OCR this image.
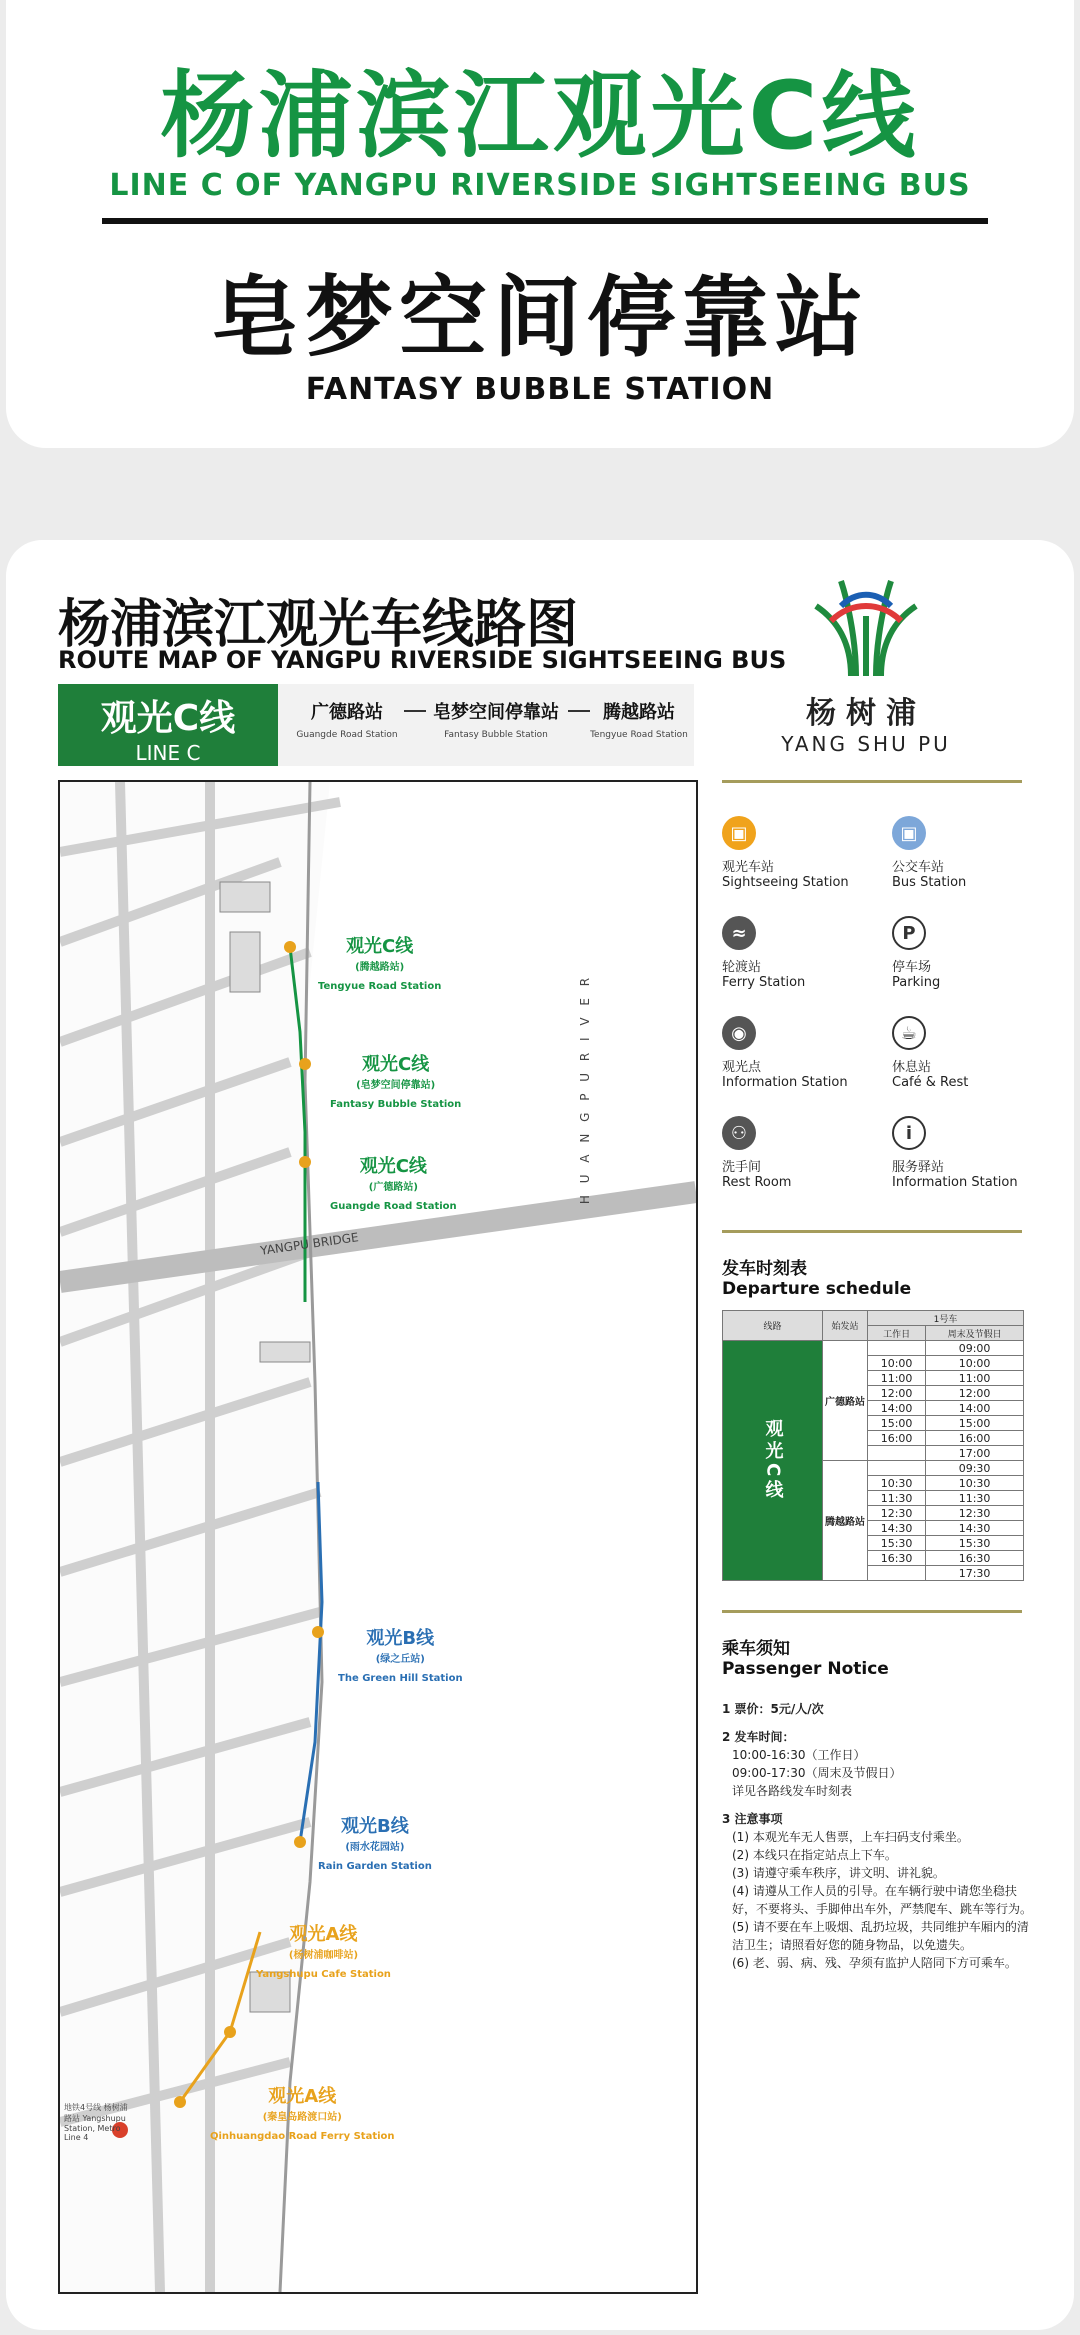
杨浦滨江观光C线
LINE C OF YANGPU RIVERSIDE SIGHTSEEING BUS
皂梦空间停靠站
FANTASY BUBBLE STATION
杨浦滨江观光车线路图
ROUTE MAP OF YANGPU RIVERSIDE SIGHTSEEING BUS
观光C线
LINE C
广德路站
Guangde Road Station
皂梦空间停靠站
Fantasy Bubble Station
腾越路站
Tengyue Road Station
观光C线
(腾越路站)
Tengyue Road Station
观光C线
(皂梦空间停靠站)
Fantasy Bubble Station
观光C线
(广德路站)
Guangde Road Station
观光B线
(绿之丘站)
The Green Hill Station
观光B线
(雨水花园站)
Rain Garden Station
观光A线
(杨树浦咖啡站)
Yangshupu Cafe Station
观光A线
(秦皇岛路渡口站)
Qinhuangdao Road Ferry Station
H U A N G P U R I V E R
YANGPU BRIDGE
地铁4号线 杨树浦路站 Yangshupu Station, Metro Line 4
杨树浦
YANG SHU PU
▣
观光车站
Sightseeing Station
▣
公交车站
Bus Station
≈
轮渡站
Ferry Station
P
停车场
Parking
◉
观光点
Information Station
☕
休息站
Café & Rest
⚇
洗手间
Rest Room
i
服务驿站
Information Station
发车时刻表
Departure schedule
线路	始发站	1号车	
		工作日	周末及节假日
观光C线	广德路站		09:00
		10:00	10:00
		11:00	11:00
		12:00	12:00
		14:00	14:00
		15:00	15:00
		16:00	16:00
			17:00
	腾越路站		09:30
		10:30	10:30
		11:30	11:30
		12:30	12:30
		14:30	14:30
		15:30	15:30
		16:30	16:30
			17:30
乘车须知
Passenger Notice
1 票价：5元/人/次
2 发车时间：
10:00-16:30（工作日）
09:00-17:30（周末及节假日）
详见各路线发车时刻表
3 注意事项
(1) 本观光车无人售票，上车扫码支付乘坐。
(2) 本线只在指定站点上下车。
(3) 请遵守乘车秩序，讲文明、讲礼貌。
(4) 请遵从工作人员的引导。在车辆行驶中请您坐稳扶好，不要将头、手脚伸出车外，严禁爬车、跳车等行为。
(5) 请不要在车上吸烟、乱扔垃圾，共同维护车厢内的清洁卫生；请照看好您的随身物品，以免遗失。
(6) 老、弱、病、残、孕须有监护人陪同下方可乘车。
